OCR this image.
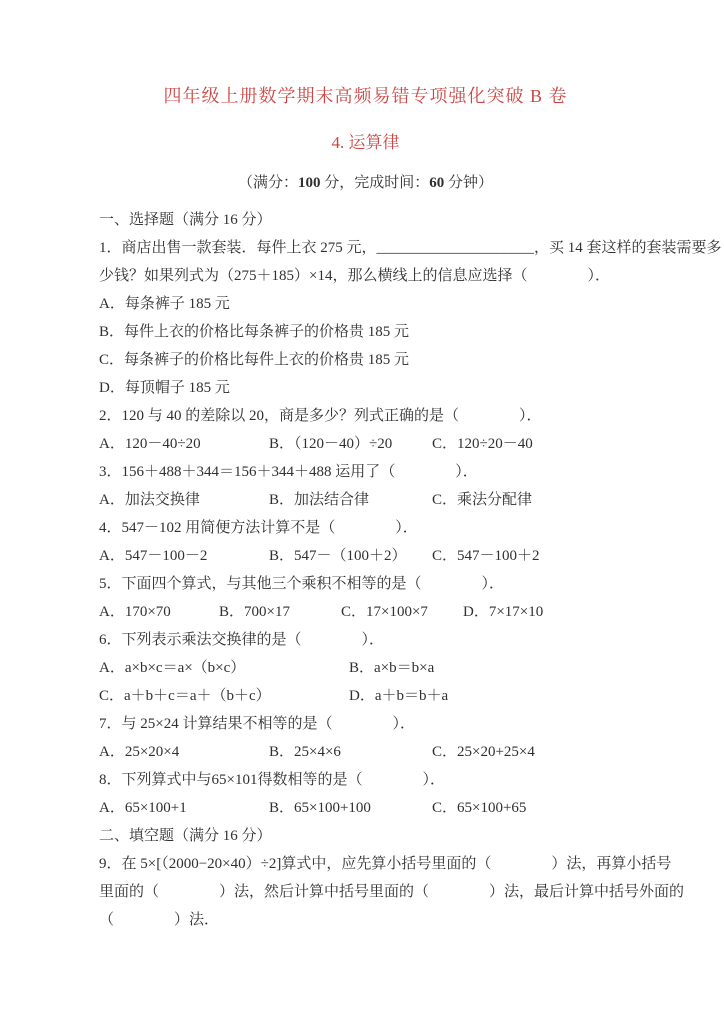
四年级上册数学期末高频易错专项强化突破 B 卷
4. 运算律

（满分：100 分，完成时间：60 分钟）

一、选择题（满分 16 分）

1．商店出售一款套装．每件上衣 275 元，_____________________，买 14 套这样的套装需要多

少钱？如果列式为（275＋185）×14，那么横线上的信息应选择（　　　　）．

A．每条裤子 185 元

B．每件上衣的价格比每条裤子的价格贵 185 元

C．每条裤子的价格比每件上衣的价格贵 185 元

D．每顶帽子 185 元

2．120 与 40 的差除以 20，商是多少？列式正确的是（　　　　）．

A．120－40÷20	B．（120－40）÷20	C．120÷20－40

3．156＋488＋344＝156＋344＋488 运用了（　　　　）．

A．加法交换律	B．加法结合律	C．乘法分配律

4．547－102 用简便方法计算不是（　　　　）．

A．547－100－2	B．547－（100＋2）	C．547－100＋2

5．下面四个算式，与其他三个乘积不相等的是（　　　　）．

A．170×70	B．700×17	C．17×100×7	D．7×17×10

6．下列表示乘法交换律的是（　　　　）．

A．a×b×c＝a×（b×c）	B．a×b＝b×a
C．a＋b＋c＝a＋（b＋c）	D．a＋b＝b＋a

7．与 25×24 计算结果不相等的是（　　　　）．

A．25×20×4	B．25×4×6	C．25×20+25×4

8．下列算式中与65×101得数相等的是（　　　　）．

A．65×100+1	B．65×100+100	C．65×100+65

二、填空题（满分 16 分）

9．在 5×[（2000−20×40）÷2]算式中，应先算小括号里面的（　　　　）法，再算小括号

里面的（　　　　）法，然后计算中括号里面的（　　　　）法，最后计算中括号外面的

（　　　　）法．
